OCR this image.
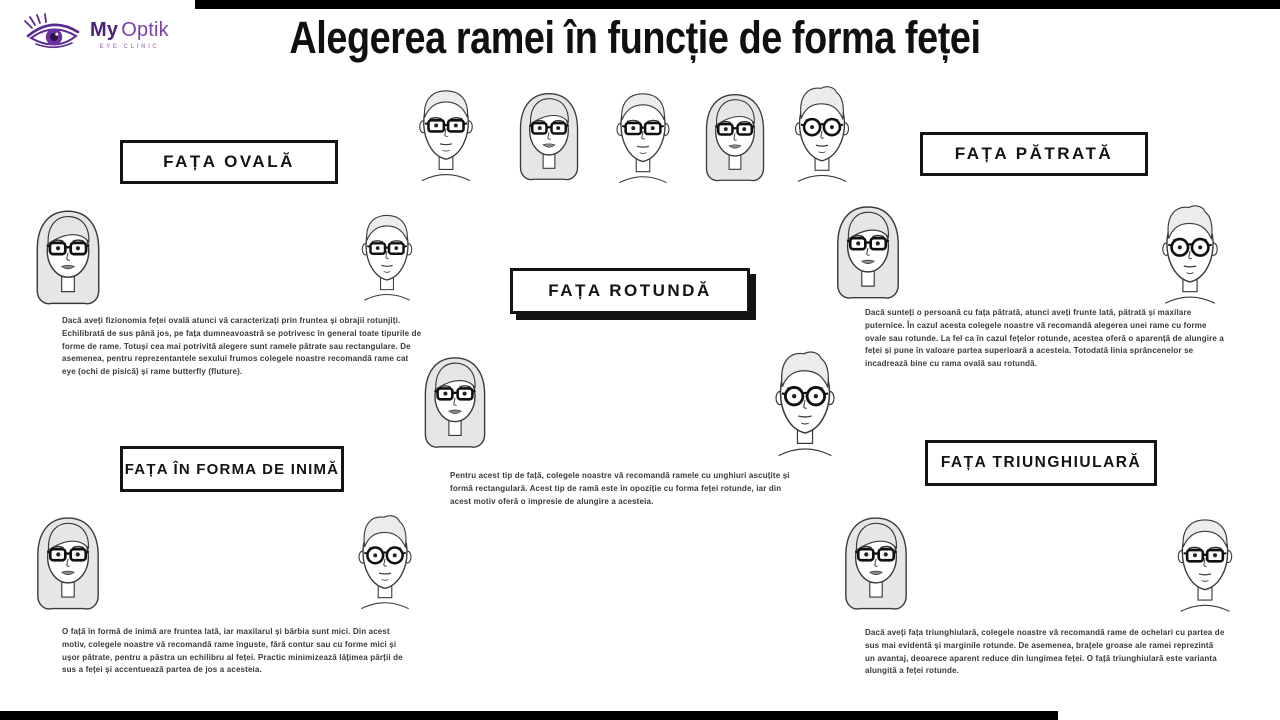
My Optik
EYE CLINIC	Alegerea ramei în funcție de forma feței
FAȚA OVALĂ

Dacă aveți fizionomia feței ovală atunci vă caracterizați prin fruntea și obrajii rotunjiți. Echilibrată de sus până jos, pe fața dumneavoastră se potrivesc în general toate tipurile de forme de rame. Totuși cea mai potrivită alegere sunt ramele pătrate sau rectangulare. De asemenea, pentru reprezentantele sexului frumos colegele noastre recomandă rame cat eye (ochi de pisică) și rame butterfly (fluture).

FAȚA PĂTRATĂ

Dacă sunteți o persoană cu fața pătrată, atunci aveți frunte lată, pătrată și maxilare puternice. În cazul acesta colegele noastre vă recomandă alegerea unei rame cu forme ovale sau rotunde. La fel ca în cazul fețelor rotunde, acestea oferă o aparență de alungire a feței și pune în valoare partea superioară a acesteia. Totodată linia sprâncenelor se incadrează bine cu rama ovală sau rotundă.

FAȚA ROTUNDĂ

Pentru acest tip de față, colegele noastre vă recomandă ramele cu unghiuri ascuțite și formă rectangulară. Acest tip de ramă este în opoziție cu forma feței rotunde, iar din acest motiv oferă o impresie de alungire a acesteia.

FAȚA ÎN FORMA DE INIMĂ

O față în formă de inimă are fruntea lată, iar maxilarul și bărbia sunt mici. Din acest motiv, colegele noastre vă recomandă rame înguste, fără contur sau cu forme mici și ușor pătrate, pentru a păstra un echilibru al feței. Practic minimizează lățimea părții de sus a feței și accentuează partea de jos a acesteia.

FAȚA TRIUNGHIULARĂ

Dacă aveți fața triunghiulară, colegele noastre vă recomandă rame de ochelari cu partea de sus mai evidentă și marginile rotunde. De asemenea, brațele groase ale ramei reprezintă un avantaj, deoarece aparent reduce din lungimea feței. O față triunghiulară este varianta alungită a feței rotunde.
